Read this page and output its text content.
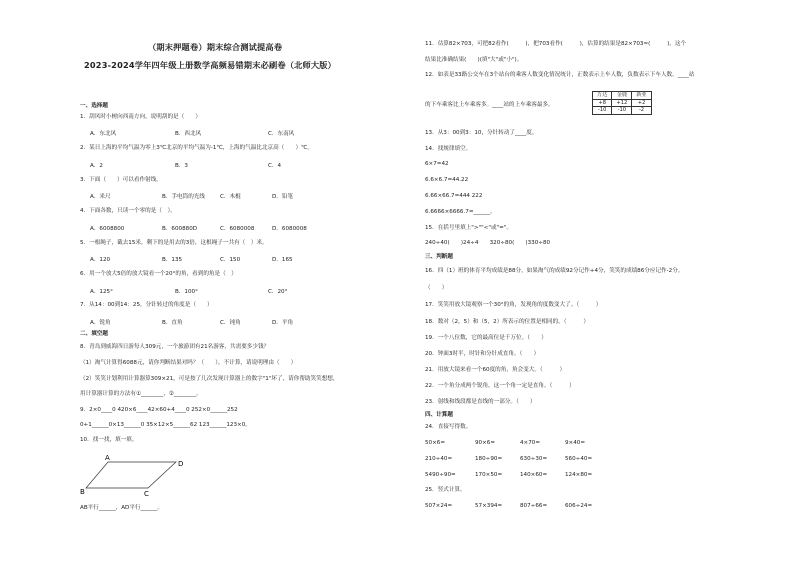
（期末押题卷）期末综合测试提高卷
2023-2024学年四年级上册数学高频易错期末必刷卷（北师大版）
一、选择题
1．刮风时小树向西南方向，说明刮的是（　　）
A．东北风	B．西北风	C．东南风
2．某日上海的平均气温为零上3℃北京的平均气温为-1℃，上海的气温比北京高（　　）℃。
A．2	B．3	C．4
3．下面（　　）可以看作射线。
A．米尺	B．手电筒的光线	C．木棍	D．铅笔
4．下面各数，只读一个零的是（　）。
A．6008800	B．600880D	C．6080008	D．6080008
5．一根绳子，截去15米，剩下的是用去的3倍，这根绳子一共有（　）米。
A．120	B．135	C．150	D．165
6．用一个放大5倍的放大镜看一个20°的角，看到的角是（　）
A．125°	B．100°	C．20°
7．从14：00到14：25，分针转过的角度是（　　）
A．锐角	B．直角	C．钝角	D．平角
二、填空题
8．青岛到威海四日游每人309元，一个旅游团有21名游客，共需要多少钱？
（1）淘气计算得6088元，请你判断结果对吗？（　　），不计算，请说明理由（　　）
（2）笑笑计划利用计算器算309×21，可是按了几次发现计算器上的数字"1"坏了，请你帮助笑笑想想，
用计算器计算的方法有①________，②________。
9．2×0____0 420×6____42×60+4____0 252×0______252
0+1______0×13______0 35×12×5______62 123______123×0。
10．找一找，填一填。
A
D
B	C
AB平行______，AD平行______。
11．估算82×703，可把82看作(　　　)，把703看作(　　　)，估算的结果是82×703≈(　　　)，这个
结果比准确结果(　　)(填"大"或"小")。
12．如表是33路公交车在3个站台的乘客人数变化情况统计，正数表示上车人数，负数表示下车人数。____站
的下车乘客比上车乘客多。____站的上车乘客最多。
万达	金鹿	新亚
+8	+12	+2
-10	-10	-2
13．从3：00到3：10，分针转动了____度。
14．找规律填空。
6×7=42
6.6×6.7=44.22
6.66×66.7=444 222
6.6666×6666.7=______。
15．在括号里填上">""<"或"="。
240÷40(　　)24÷4　　320÷80(　　)330÷80
三、判断题
16．四（1）班的体育平均成绩是88分，如果淘气的成绩92分记作+4分，笑笑的成绩86分应记作-2分。
（　　）
17．笑笑用放大镜观察一个30°的角，发现角的度数变大了。（　　　）
18．数对（2，5）和（5，2）所表示的位置是相同的。（　　　）
19．一个八位数，它的最高位是千万位。（　　）
20．钟面3时半，时针和分针成直角。（　　）
21．用放大镜来看一个60度的角，角会变大。（　　　）
22．一个角分成两个锐角，这一个角一定是直角。（　　　）
23．射线和线段都是直线的一部分。（　　）
四、计算题
24．直接写得数。
50×6=	90×6=	4×70=	9×40=
210÷40=	180÷90=	630÷30=	560÷40=
5490÷90=	170×50=	140×60=	124×80=
25．竖式计算。
507×24=	57×394=	807÷66=	606÷24=
